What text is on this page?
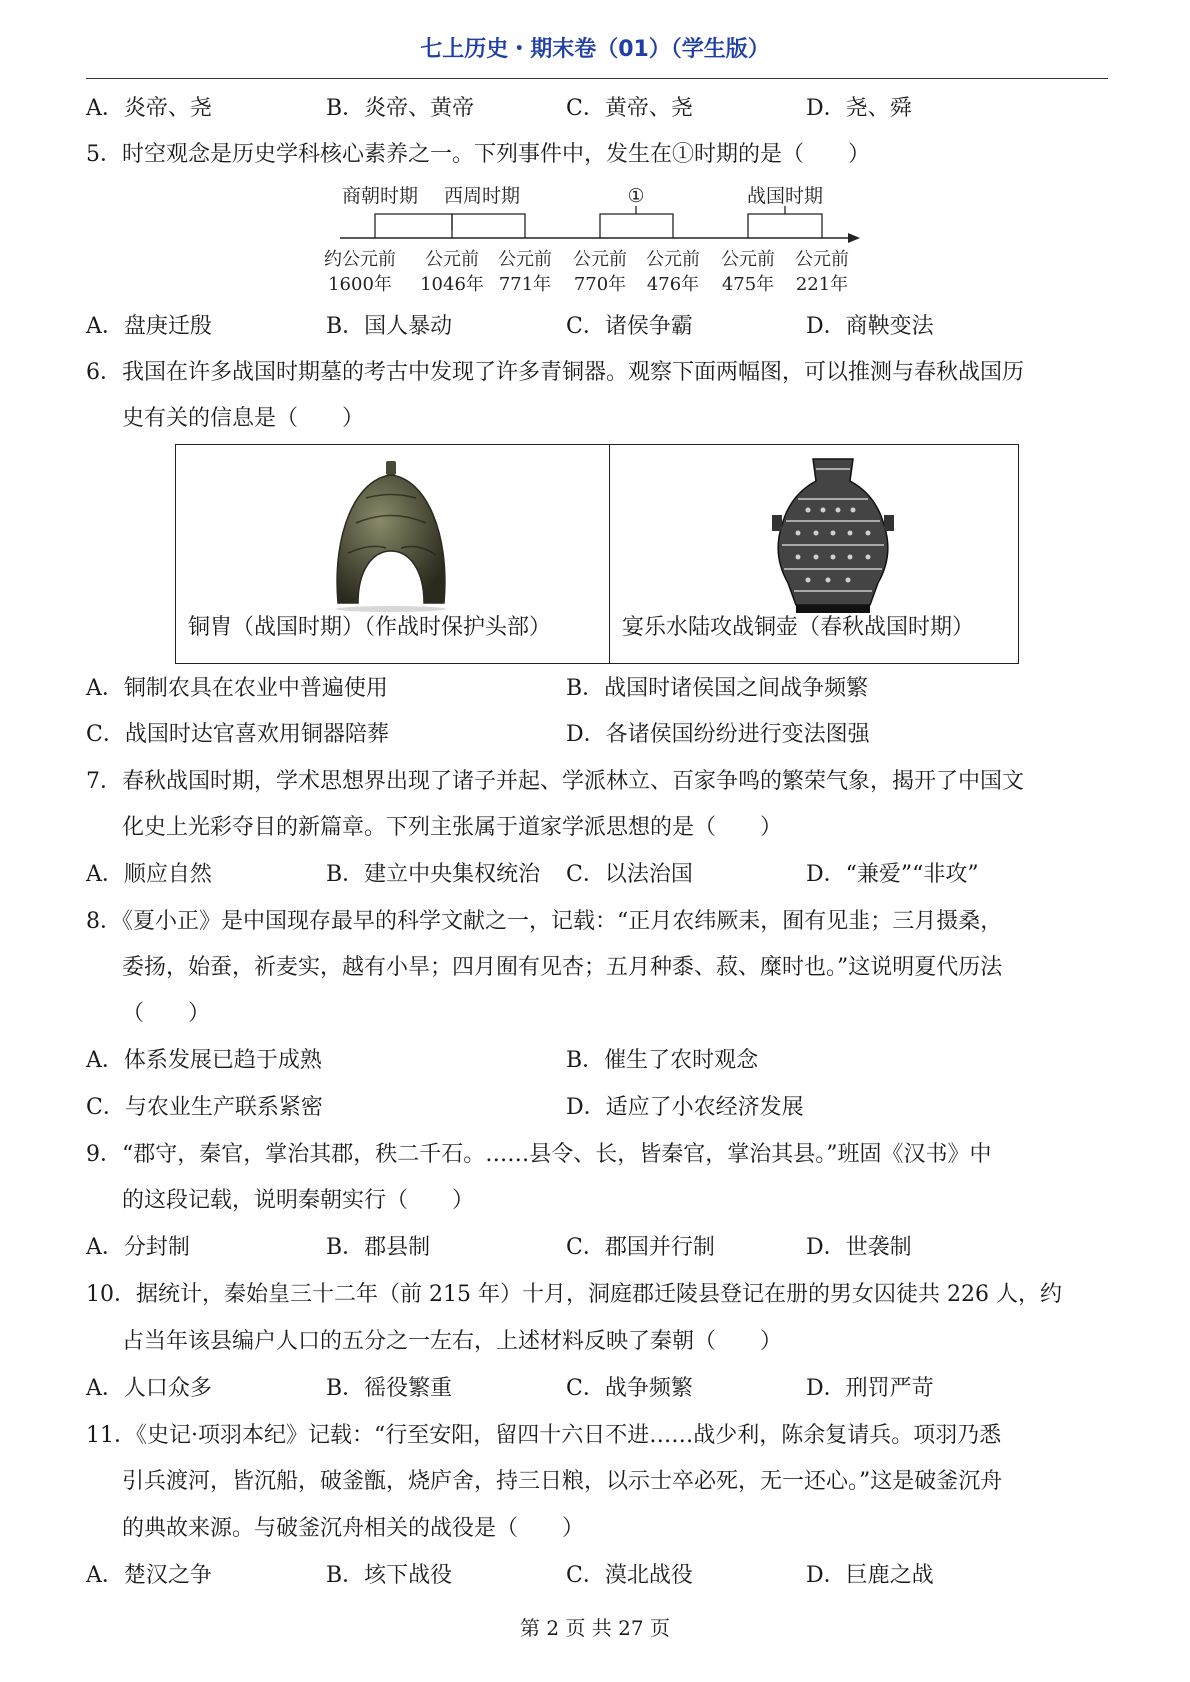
七上历史・期末卷（01）（学生版）
A．炎帝、尧	B．炎帝、黄帝	C．黄帝、尧	D．尧、舜
5．时空观念是历史学科核心素养之一。下列事件中，发生在①时期的是（　　）
商朝时期 西周时期	①	战国时期
约公元前
1600年
公元前
1046年
公元前
771年
公元前
770年
公元前
476年
公元前
475年
公元前
221年
A．盘庚迁殷	B．国人暴动	C．诸侯争霸	D．商鞅变法
6．我国在许多战国时期墓的考古中发现了许多青铜器。观察下面两幅图，可以推测与春秋战国历
史有关的信息是（　　）
铜胄（战国时期）（作战时保护头部）	宴乐水陆攻战铜壶（春秋战国时期）
A．铜制农具在农业中普遍使用	B．战国时诸侯国之间战争频繁
C．战国时达官喜欢用铜器陪葬	D．各诸侯国纷纷进行变法图强
7．春秋战国时期，学术思想界出现了诸子并起、学派林立、百家争鸣的繁荣气象，揭开了中国文
化史上光彩夺目的新篇章。下列主张属于道家学派思想的是（　　）
A．顺应自然	B．建立中央集权统治 C．以法治国	D．“兼爱”“非攻”
8．《夏小正》是中国现存最早的科学文献之一，记载：“正月农纬厥耒，囿有见韭；三月摄桑，
委扬，始蚕，祈麦实，越有小旱；四月囿有见杏；五月种黍、菽、糜时也。”这说明夏代历法
（　　）
A．体系发展已趋于成熟	B．催生了农时观念
C．与农业生产联系紧密	D．适应了小农经济发展
9．“郡守，秦官，掌治其郡，秩二千石。……县令、长，皆秦官，掌治其县。”班固《汉书》中
的这段记载，说明秦朝实行（　　）
A．分封制	B．郡县制	C．郡国并行制	D．世袭制
10．据统计，秦始皇三十二年（前 215 年）十月，洞庭郡迁陵县登记在册的男女囚徒共 226 人，约
占当年该县编户人口的五分之一左右，上述材料反映了秦朝（　　）
A．人口众多	B．徭役繁重	C．战争频繁	D．刑罚严苛
11．《史记·项羽本纪》记载：“行至安阳，留四十六日不进……战少利，陈余复请兵。项羽乃悉
引兵渡河，皆沉船，破釜甑，烧庐舍，持三日粮，以示士卒必死，无一还心。”这是破釜沉舟
的典故来源。与破釜沉舟相关的战役是（　　）
A．楚汉之争	B．垓下战役	C．漠北战役	D．巨鹿之战
第 2 页 共 27 页
